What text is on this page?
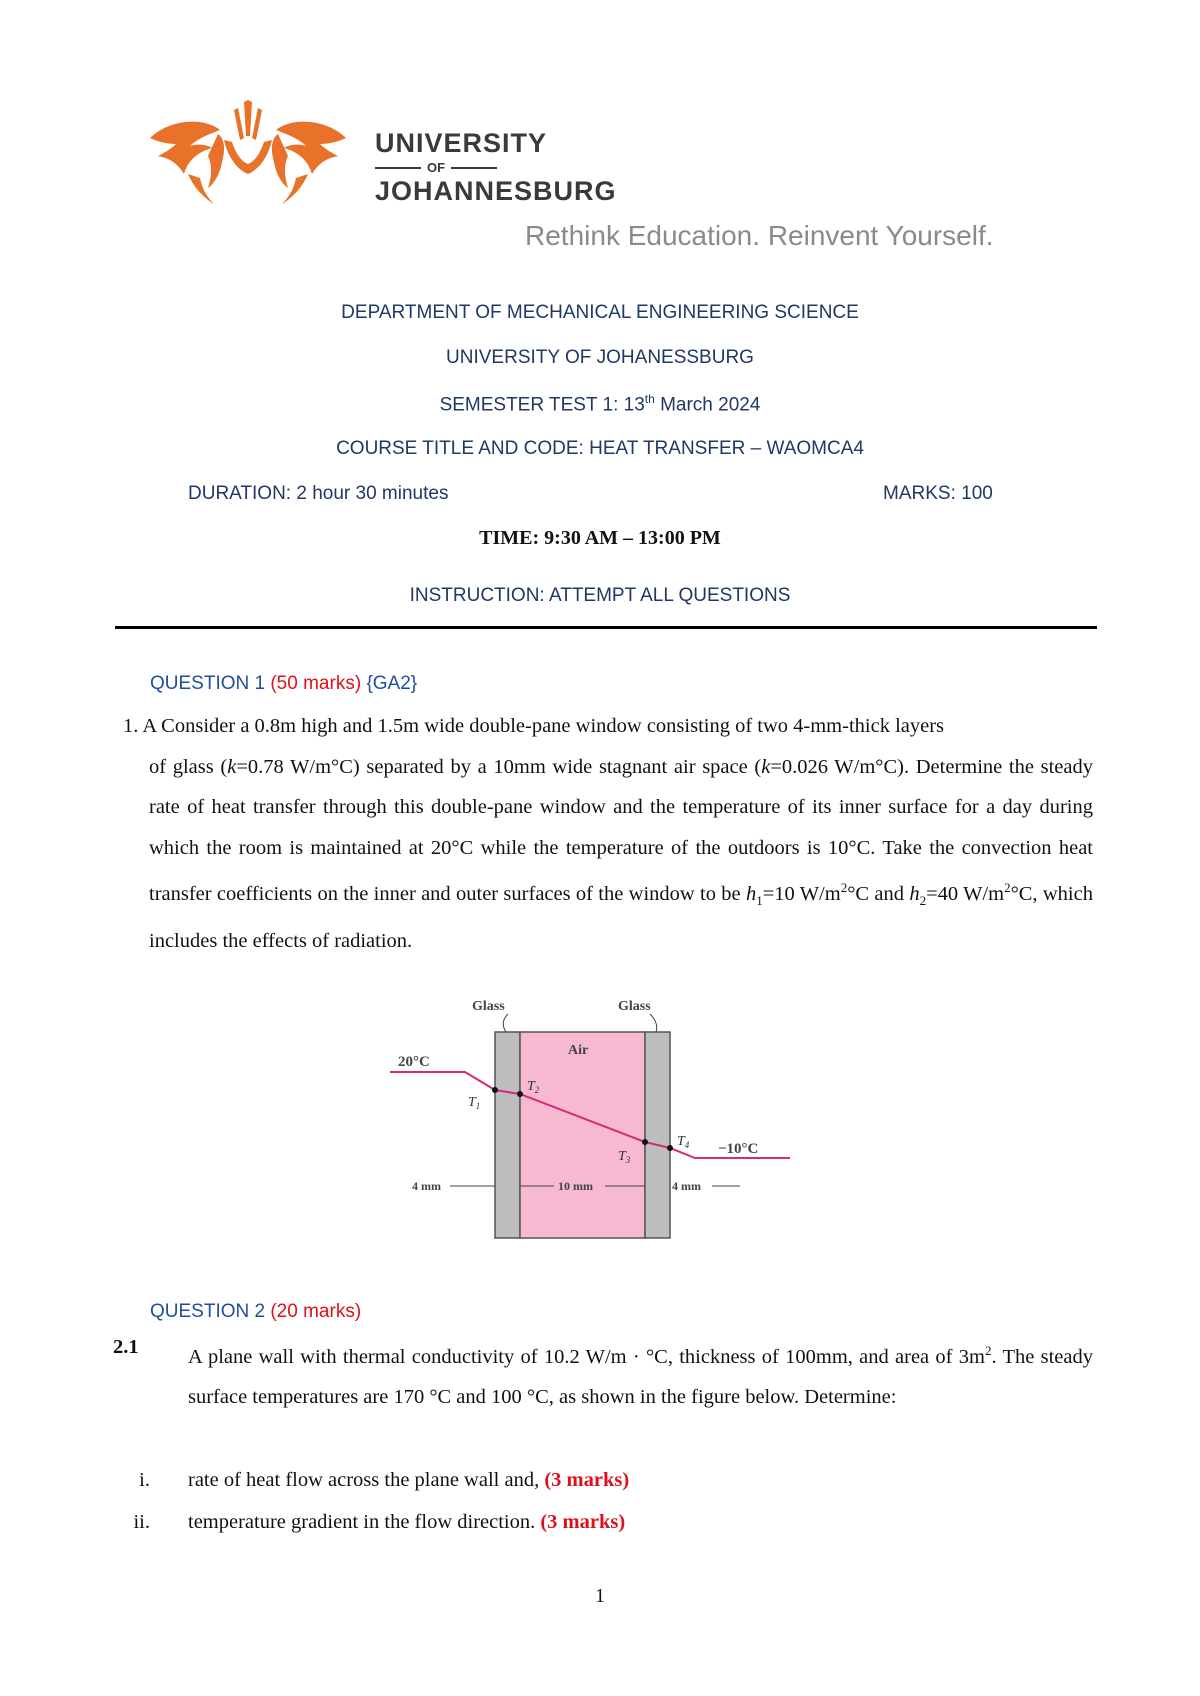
UNIVERSITY
OF
JOHANNESBURG
Rethink Education. Reinvent Yourself.
DEPARTMENT OF MECHANICAL ENGINEERING SCIENCE
UNIVERSITY OF JOHANESSBURG
SEMESTER TEST 1: 13th March 2024
COURSE TITLE AND CODE: HEAT TRANSFER – WAOMCA4
DURATION: 2 hour 30 minutes	MARKS: 100
TIME: 9:30 AM – 13:00 PM
INSTRUCTION: ATTEMPT ALL QUESTIONS
QUESTION 1 (50 marks) {GA2}
1. A Consider a 0.8m high and 1.5m wide double-pane window consisting of two 4-mm-thick layers
of glass (k=0.78 W/m°C) separated by a 10mm wide stagnant air space (k=0.026 W/m°C). Determine the steady rate of heat transfer through this double-pane window and the temperature of its inner surface for a day during which the room is maintained at 20°C while the temperature of the outdoors is 10°C. Take the convection heat transfer coefficients on the inner and outer surfaces of the window to be $h_1=10$ $W/m^2^\circ C$ and $h_2=40$ $W/m^2^\circ C$, which includes the effects of radiation.
Glass	Glass
Air
20°C
−10°C
$T_1$
$T_2$
$T_3$
$T_4$
4 mm	10 mm	4 mm
QUESTION 2 (20 marks)
2.1 A plane wall with thermal conductivity of 10.2 W/m · °C, thickness of 100mm, and area of $3m^2$. The steady surface temperatures are 170 °C and 100 °C, as shown in the figure below. Determine:
i. rate of heat flow across the plane wall and, (3 marks)
ii. temperature gradient in the flow direction. (3 marks)
1
